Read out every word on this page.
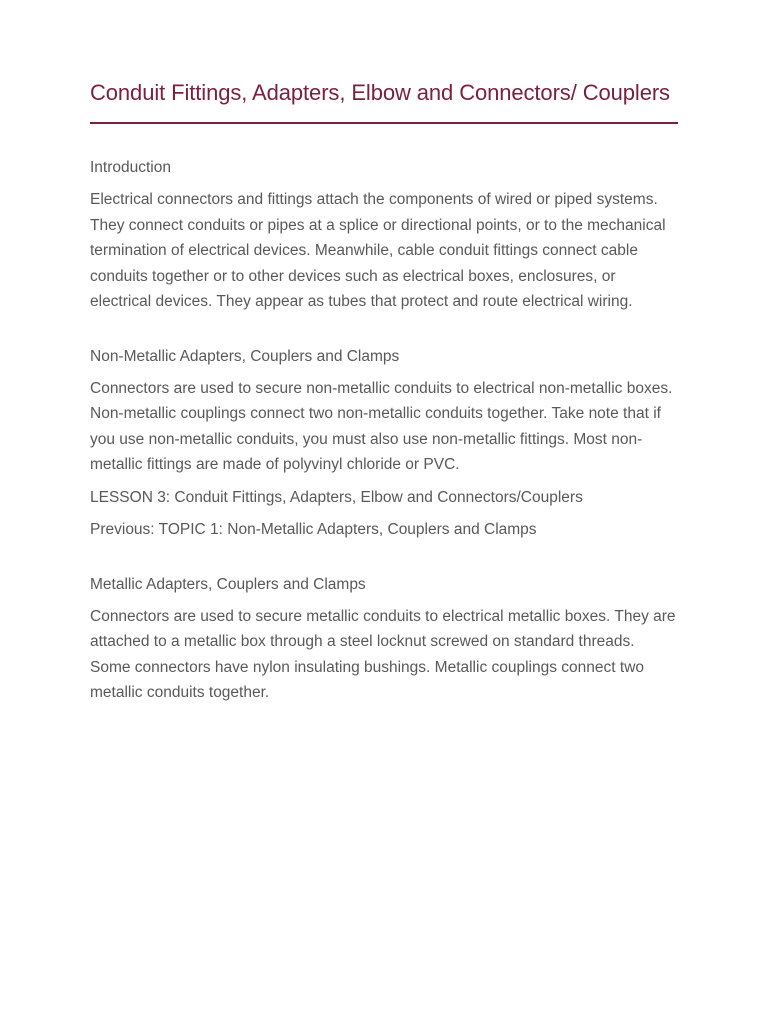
Conduit Fittings, Adapters, Elbow and Connectors/ Couplers

Introduction

Electrical connectors and fittings attach the components of wired or piped systems. They connect conduits or pipes at a splice or directional points, or to the mechanical termination of electrical devices. Meanwhile, cable conduit fittings connect cable conduits together or to other devices such as electrical boxes, enclosures, or electrical devices. They appear as tubes that protect and route electrical wiring.

Non-Metallic Adapters, Couplers and Clamps

Connectors are used to secure non-metallic conduits to electrical non-metallic boxes. Non-metallic couplings connect two non-metallic conduits together. Take note that if you use non-metallic conduits, you must also use non-metallic fittings. Most non-metallic fittings are made of polyvinyl chloride or PVC.

LESSON 3: Conduit Fittings, Adapters, Elbow and Connectors/Couplers

Previous: TOPIC 1: Non-Metallic Adapters, Couplers and Clamps

Metallic Adapters, Couplers and Clamps

Connectors are used to secure metallic conduits to electrical metallic boxes. They are attached to a metallic box through a steel locknut screwed on standard threads. Some connectors have nylon insulating bushings. Metallic couplings connect two metallic conduits together.
